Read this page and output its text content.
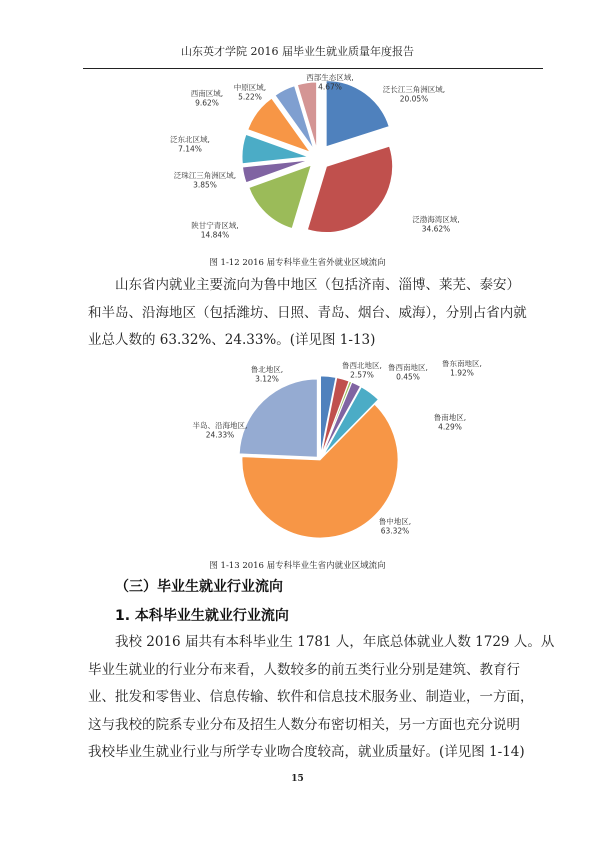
山东英才学院 2016 届毕业生就业质量年度报告
泛长江三角洲区域,
20.05%
泛渤海湾区域,
34.62%
陕甘宁青区域,
14.84%
泛珠江三角洲区域,
3.85%
泛东北区域,
7.14%
西南区域,
9.62%
中原区域,
5.22%
西部生态区域,
4.67%
图 1-12 2016 届专科毕业生省外就业区域流向
山东省内就业主要流向为鲁中地区（包括济南、淄博、莱芜、泰安）
和半岛、沿海地区（包括潍坊、日照、青岛、烟台、威海），分别占省内就
业总人数的 63.32%、24.33%。(详见图 1-13)
鲁北地区,
3.12%
鲁西北地区,
2.57%
鲁西南地区,
0.45%
鲁东南地区,
1.92%
鲁南地区,
4.29%
鲁中地区,
63.32%
半岛、沿海地区,
24.33%
图 1-13 2016 届专科毕业生省内就业区域流向
（三）毕业生就业行业流向
1. 本科毕业生就业行业流向
我校 2016 届共有本科毕业生 1781 人，年底总体就业人数 1729 人。从
毕业生就业的行业分布来看，人数较多的前五类行业分别是建筑、教育行
业、批发和零售业、信息传输、软件和信息技术服务业、制造业，一方面，
这与我校的院系专业分布及招生人数分布密切相关，另一方面也充分说明
我校毕业生就业行业与所学专业吻合度较高，就业质量好。(详见图 1-14)
15
